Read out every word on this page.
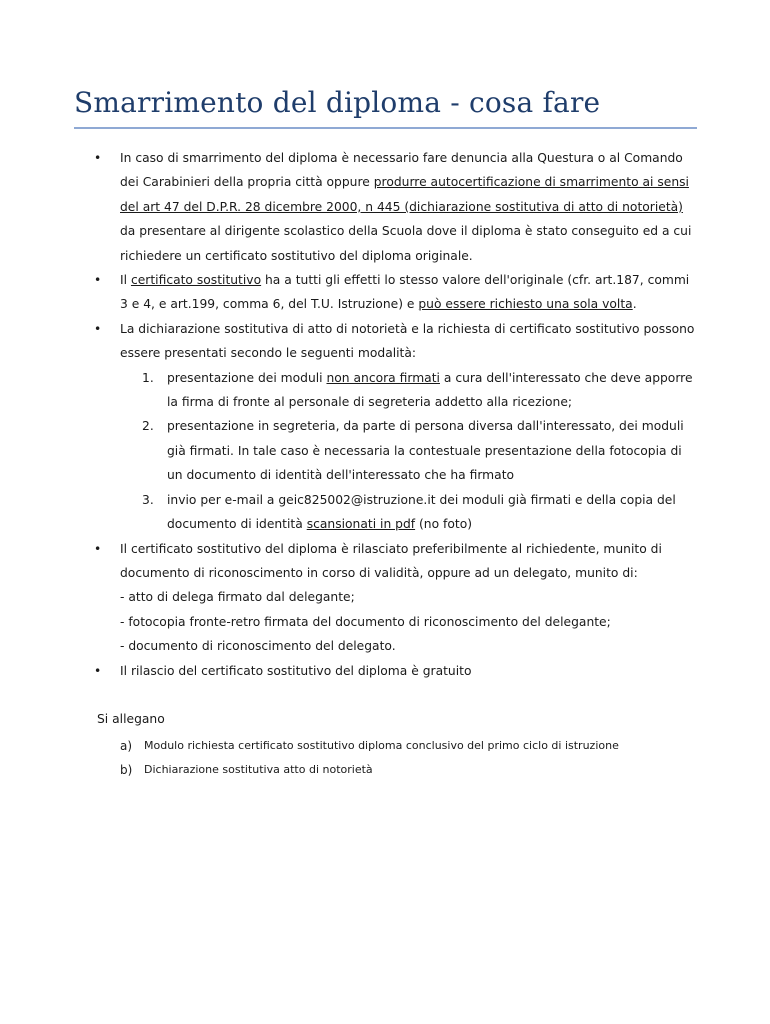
Smarrimento del diploma - cosa fare
• In caso di smarrimento del diploma è necessario fare denuncia alla Questura o al Comando dei Carabinieri della propria città oppure produrre autocertificazione di smarrimento ai sensi del art 47 del D.P.R. 28 dicembre 2000, n 445 (dichiarazione sostitutiva di atto di notorietà) da presentare al dirigente scolastico della Scuola dove il diploma è stato conseguito ed a cui richiedere un certificato sostitutivo del diploma originale.
• Il certificato sostitutivo ha a tutti gli effetti lo stesso valore dell'originale (cfr. art.187, commi 3 e 4, e art.199, comma 6, del T.U. Istruzione) e può essere richiesto una sola volta.
• La dichiarazione sostitutiva di atto di notorietà e la richiesta di certificato sostitutivo possono essere presentati secondo le seguenti modalità:
1. presentazione dei moduli non ancora firmati a cura dell'interessato che deve apporre la firma di fronte al personale di segreteria addetto alla ricezione;
2. presentazione in segreteria, da parte di persona diversa dall'interessato, dei moduli già firmati. In tale caso è necessaria la contestuale presentazione della fotocopia di un documento di identità dell'interessato che ha firmato
3. invio per e-mail a geic825002@istruzione.it dei moduli già firmati e della copia del documento di identità scansionati in pdf (no foto)
• Il certificato sostitutivo del diploma è rilasciato preferibilmente al richiedente, munito di documento di riconoscimento in corso di validità, oppure ad un delegato, munito di:
- atto di delega firmato dal delegante;
- fotocopia fronte-retro firmata del documento di riconoscimento del delegante;
- documento di riconoscimento del delegato.
• Il rilascio del certificato sostitutivo del diploma è gratuito
Si allegano
a) Modulo richiesta certificato sostitutivo diploma conclusivo del primo ciclo di istruzione
b) Dichiarazione sostitutiva atto di notorietà
